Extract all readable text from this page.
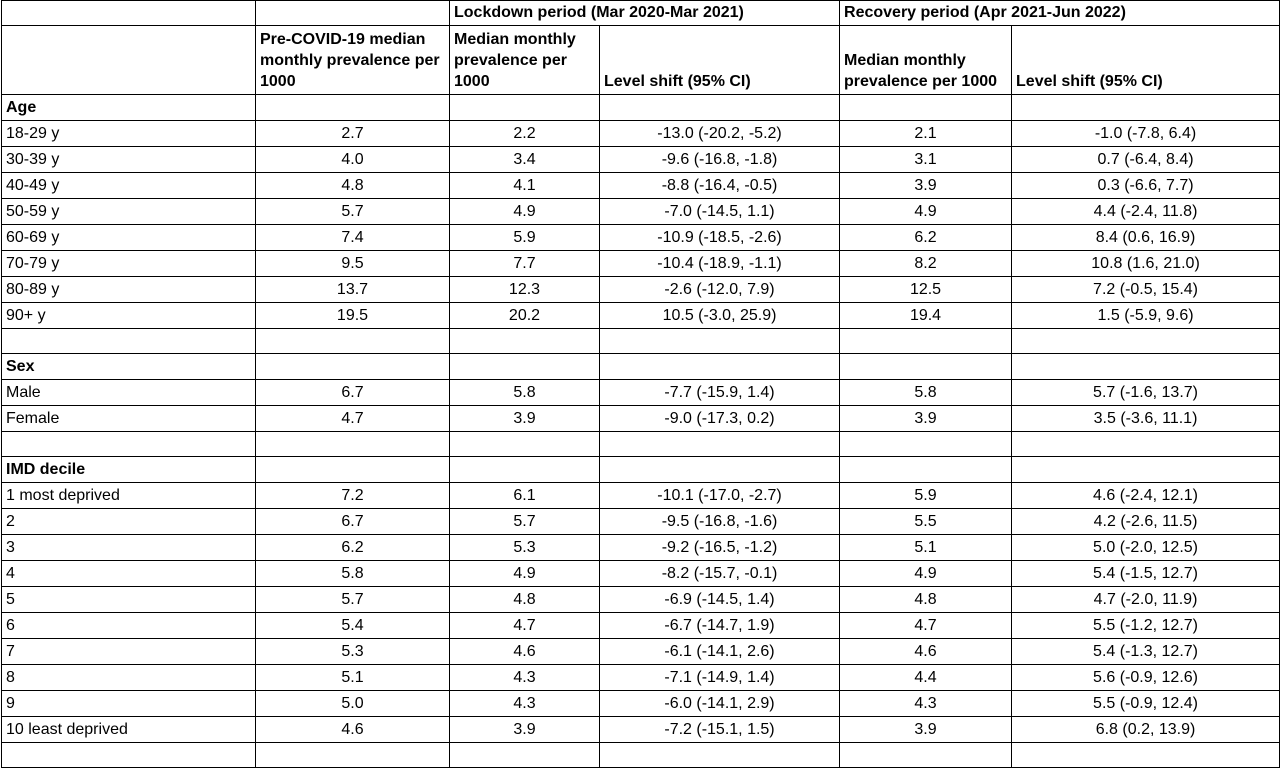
		Lockdown period (Mar 2020-Mar 2021)		Recovery period (Apr 2021-Jun 2022)	
	Pre-COVID-19 median monthly prevalence per 1000	Median monthly prevalence per 1000	Level shift (95% CI)	Median monthly prevalence per 1000	Level shift (95% CI)
Age					
18-29 y	2.7	2.2	-13.0 (-20.2, -5.2)	2.1	-1.0 (-7.8, 6.4)
30-39 y	4.0	3.4	-9.6 (-16.8, -1.8)	3.1	0.7 (-6.4, 8.4)
40-49 y	4.8	4.1	-8.8 (-16.4, -0.5)	3.9	0.3 (-6.6, 7.7)
50-59 y	5.7	4.9	-7.0 (-14.5, 1.1)	4.9	4.4 (-2.4, 11.8)
60-69 y	7.4	5.9	-10.9 (-18.5, -2.6)	6.2	8.4 (0.6, 16.9)
70-79 y	9.5	7.7	-10.4 (-18.9, -1.1)	8.2	10.8 (1.6, 21.0)
80-89 y	13.7	12.3	-2.6 (-12.0, 7.9)	12.5	7.2 (-0.5, 15.4)
90+ y	19.5	20.2	10.5 (-3.0, 25.9)	19.4	1.5 (-5.9, 9.6)

Sex					
Male	6.7	5.8	-7.7 (-15.9, 1.4)	5.8	5.7 (-1.6, 13.7)
Female	4.7	3.9	-9.0 (-17.3, 0.2)	3.9	3.5 (-3.6, 11.1)

IMD decile					
1 most deprived	7.2	6.1	-10.1 (-17.0, -2.7)	5.9	4.6 (-2.4, 12.1)
2	6.7	5.7	-9.5 (-16.8, -1.6)	5.5	4.2 (-2.6, 11.5)
3	6.2	5.3	-9.2 (-16.5, -1.2)	5.1	5.0 (-2.0, 12.5)
4	5.8	4.9	-8.2 (-15.7, -0.1)	4.9	5.4 (-1.5, 12.7)
5	5.7	4.8	-6.9 (-14.5, 1.4)	4.8	4.7 (-2.0, 11.9)
6	5.4	4.7	-6.7 (-14.7, 1.9)	4.7	5.5 (-1.2, 12.7)
7	5.3	4.6	-6.1 (-14.1, 2.6)	4.6	5.4 (-1.3, 12.7)
8	5.1	4.3	-7.1 (-14.9, 1.4)	4.4	5.6 (-0.9, 12.6)
9	5.0	4.3	-6.0 (-14.1, 2.9)	4.3	5.5 (-0.9, 12.4)
10 least deprived	4.6	3.9	-7.2 (-15.1, 1.5)	3.9	6.8 (0.2, 13.9)
